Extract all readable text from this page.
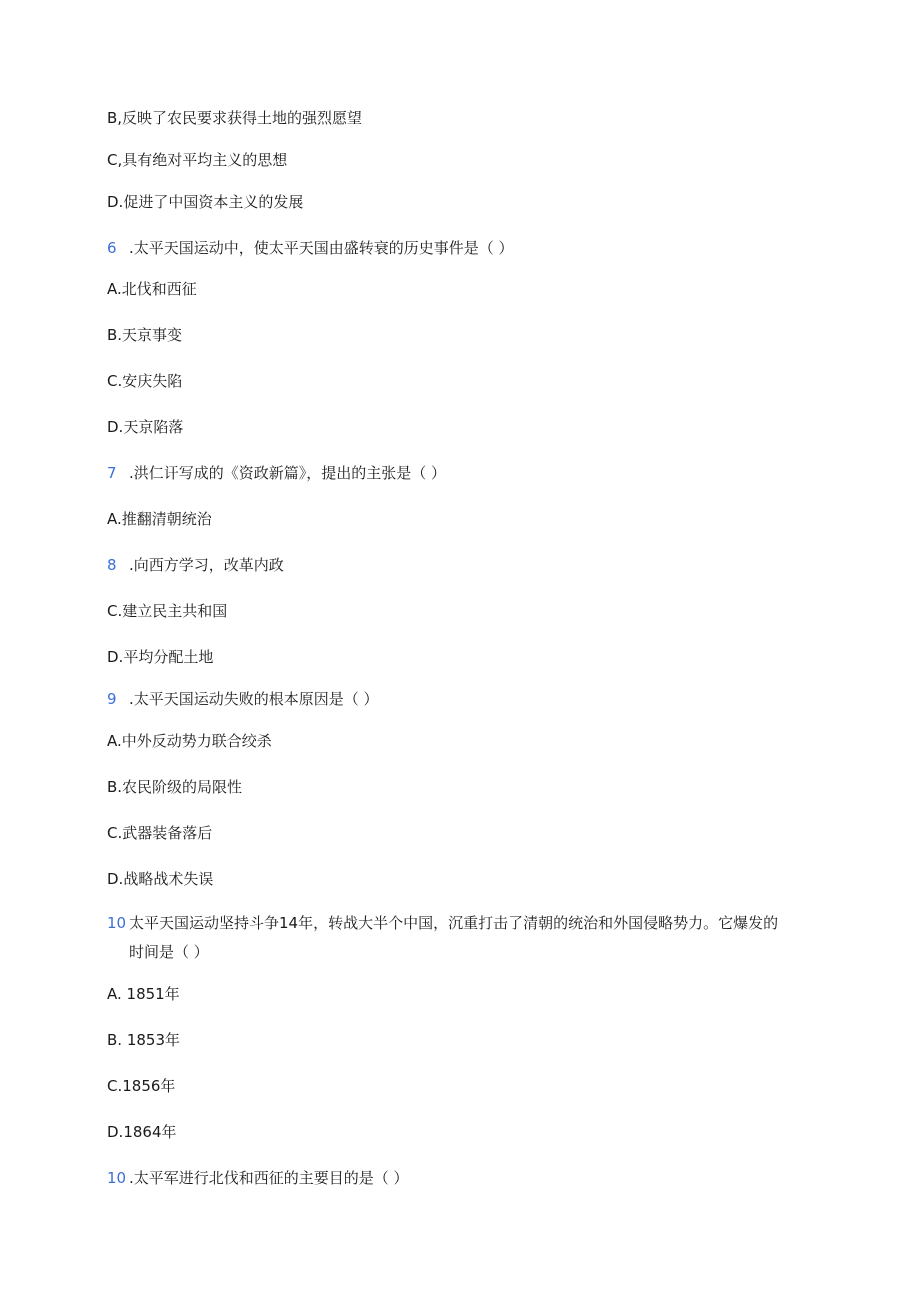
B,反映了农民要求获得土地的强烈愿望
C,具有绝对平均主义的思想
D.促进了中国资本主义的发展
6 .太平天国运动中，使太平天国由盛转衰的历史事件是（ ）
A.北伐和西征
B.天京事变
C.安庆失陷
D.天京陷落
7 .洪仁讦写成的《资政新篇》，提出的主张是（ ）
A.推翻清朝统治
8 .向西方学习，改革内政
C.建立民主共和国
D.平均分配土地
9 .太平天国运动失败的根本原因是（ ）
A.中外反动势力联合绞杀
B.农民阶级的局限性
C.武器装备落后
D.战略战术失误
10 太平天国运动坚持斗争14年，转战大半个中国，沉重打击了清朝的统治和外国侵略势力。它爆发的
时间是（ ）
A. 1851年
B. 1853年
C.1856年
D.1864年
10 .太平军进行北伐和西征的主要目的是（ ）
